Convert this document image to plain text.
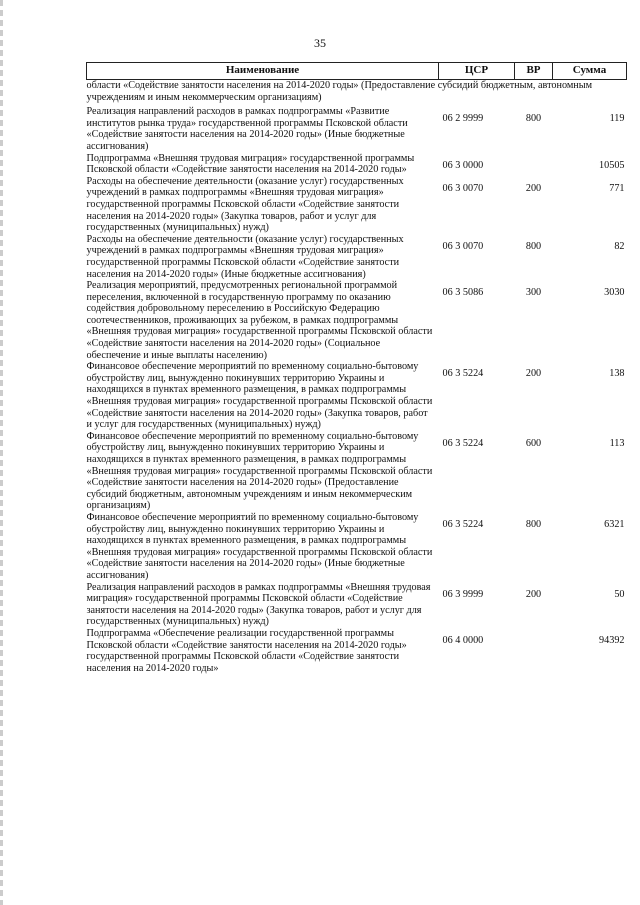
35
Наименование	ЦСР	ВР	Сумма
области «Содействие занятости населения на 2014-2020 годы» (Предоставление субсидий бюджетным, автономным учреждениям и иным некоммерческим организациям)			
Реализация направлений расходов в рамках подпрограммы «Развитие институтов рынка труда» государственной программы Псковской области «Содействие занятости населения на 2014-2020 годы» (Иные бюджетные ассигнования)	06 2 9999	800	119
Подпрограмма «Внешняя трудовая миграция» государственной программы Псковской области «Содействие занятости населения на 2014-2020 годы»	06 3 0000		10505
Расходы на обеспечение деятельности (оказание услуг) государственных учреждений в рамках подпрограммы «Внешняя трудовая миграция» государственной программы Псковской области «Содействие занятости населения на 2014-2020 годы» (Закупка товаров, работ и услуг для государственных (муниципальных) нужд)	06 3 0070	200	771
Расходы на обеспечение деятельности (оказание услуг) государственных учреждений в рамках подпрограммы «Внешняя трудовая миграция» государственной программы Псковской области «Содействие занятости населения на 2014-2020 годы» (Иные бюджетные ассигнования)	06 3 0070	800	82
Реализация мероприятий, предусмотренных региональной программой переселения, включенной в государственную программу по оказанию содействия добровольному переселению в Российскую Федерацию соотечественников, проживающих за рубежом, в рамках подпрограммы «Внешняя трудовая миграция» государственной программы Псковской области «Содействие занятости населения на 2014-2020 годы» (Социальное обеспечение и иные выплаты населению)	06 3 5086	300	3030
Финансовое обеспечение мероприятий по временному социально-бытовому обустройству лиц, вынужденно покинувших территорию Украины и находящихся в пунктах временного размещения, в рамках подпрограммы «Внешняя трудовая миграция» государственной программы Псковской области «Содействие занятости населения на 2014-2020 годы» (Закупка товаров, работ и услуг для государственных (муниципальных) нужд)	06 3 5224	200	138
Финансовое обеспечение мероприятий по временному социально-бытовому обустройству лиц, вынужденно покинувших территорию Украины и находящихся в пунктах временного размещения, в рамках подпрограммы «Внешняя трудовая миграция» государственной программы Псковской области «Содействие занятости населения на 2014-2020 годы» (Предоставление субсидий бюджетным, автономным учреждениям и иным некоммерческим организациям)	06 3 5224	600	113
Финансовое обеспечение мероприятий по временному социально-бытовому обустройству лиц, вынужденно покинувших территорию Украины и находящихся в пунктах временного размещения, в рамках подпрограммы «Внешняя трудовая миграция» государственной программы Псковской области «Содействие занятости населения на 2014-2020 годы» (Иные бюджетные ассигнования)	06 3 5224	800	6321
Реализация направлений расходов в рамках подпрограммы «Внешняя трудовая миграция» государственной программы Псковской области «Содействие занятости населения на 2014-2020 годы» (Закупка товаров, работ и услуг для государственных (муниципальных) нужд)	06 3 9999	200	50
Подпрограмма «Обеспечение реализации государственной программы Псковской области «Содействие занятости населения на 2014-2020 годы» государственной программы Псковской области «Содействие занятости населения на 2014-2020 годы»	06 4 0000		94392
